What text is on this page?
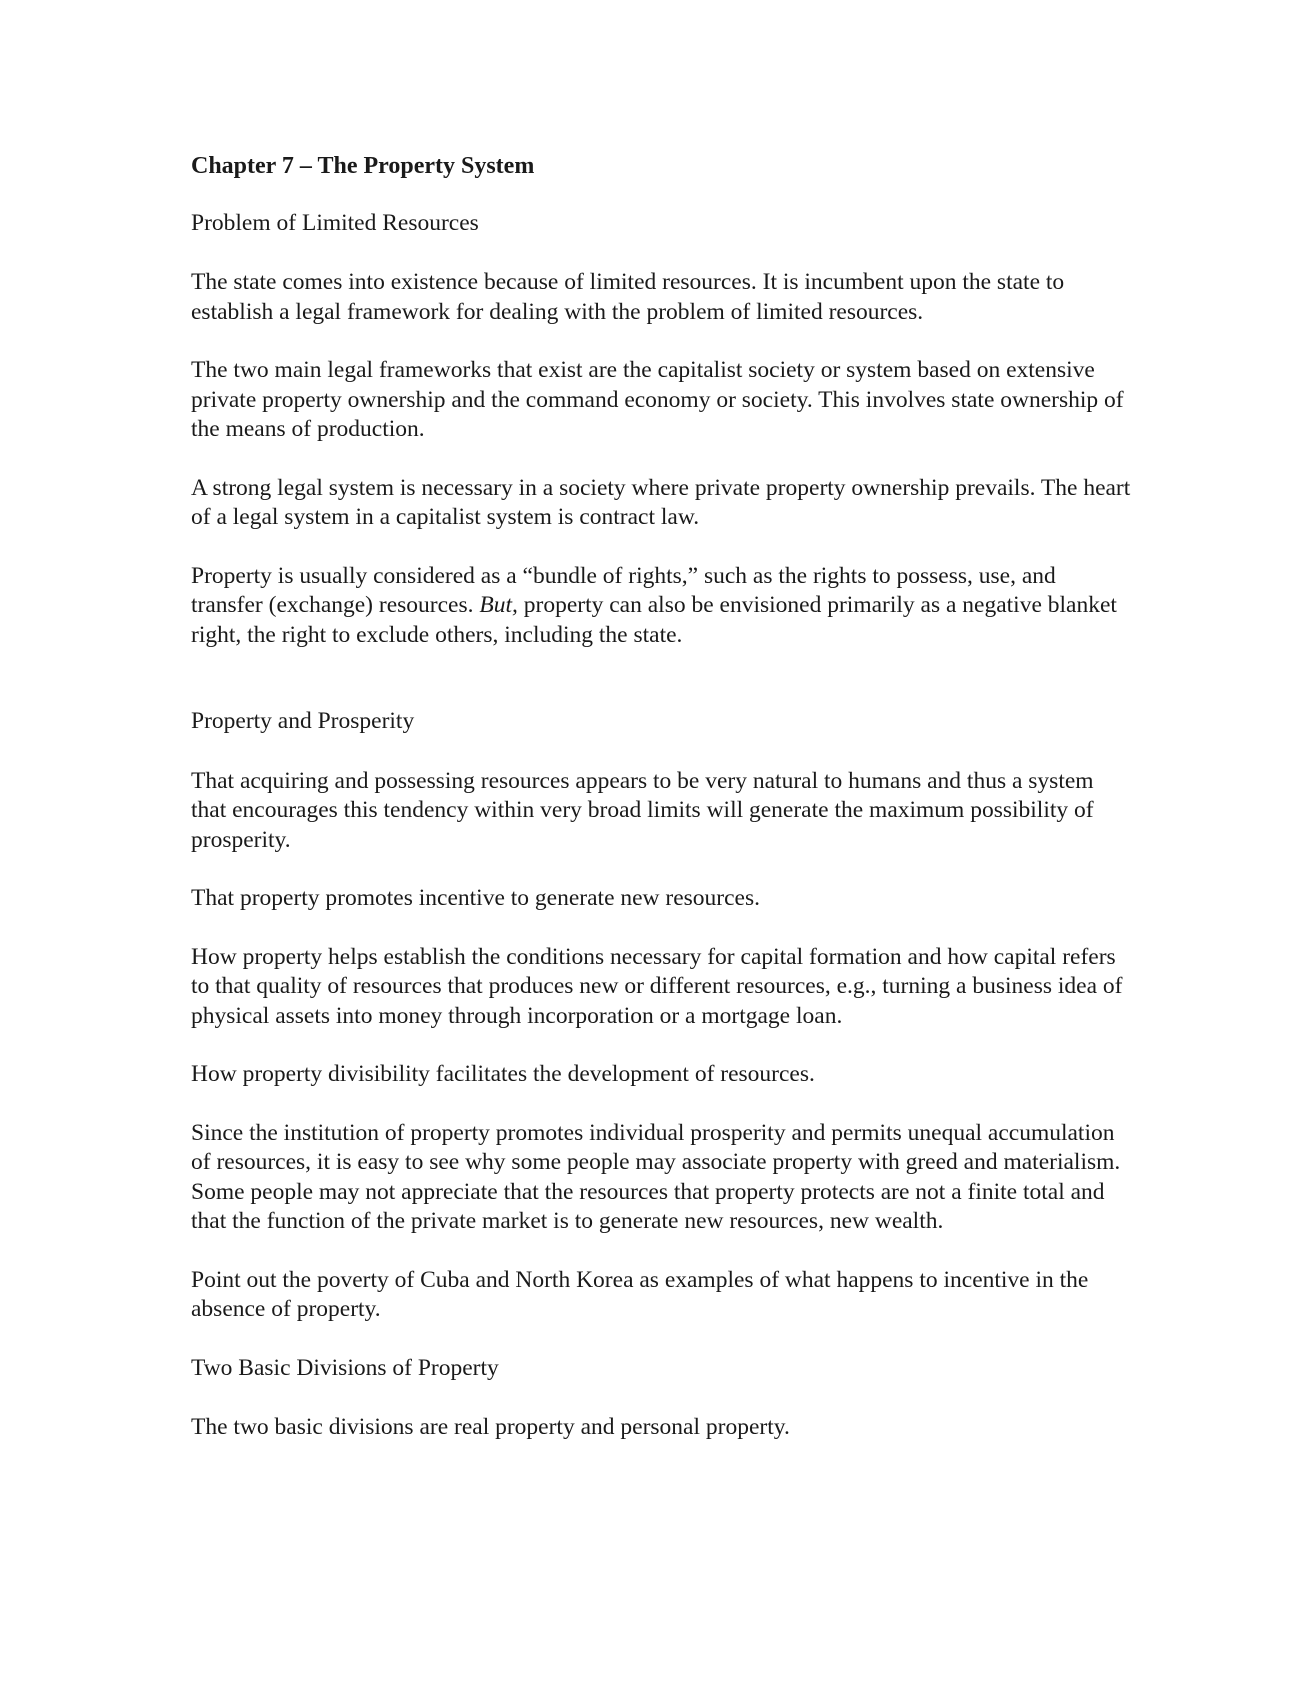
Chapter 7 – The Property System
Problem of Limited Resources

The state comes into existence because of limited resources. It is incumbent upon the state to establish a legal framework for dealing with the problem of limited resources.

The two main legal frameworks that exist are the capitalist society or system based on extensive private property ownership and the command economy or society. This involves state ownership of the means of production.

A strong legal system is necessary in a society where private property ownership prevails. The heart of a legal system in a capitalist system is contract law.

Property is usually considered as a “bundle of rights,” such as the rights to possess, use, and transfer (exchange) resources. But, property can also be envisioned primarily as a negative blanket right, the right to exclude others, including the state.

Property and Prosperity

That acquiring and possessing resources appears to be very natural to humans and thus a system that encourages this tendency within very broad limits will generate the maximum possibility of prosperity.

That property promotes incentive to generate new resources.

How property helps establish the conditions necessary for capital formation and how capital refers to that quality of resources that produces new or different resources, e.g., turning a business idea of physical assets into money through incorporation or a mortgage loan.

How property divisibility facilitates the development of resources.

Since the institution of property promotes individual prosperity and permits unequal accumulation of resources, it is easy to see why some people may associate property with greed and materialism. Some people may not appreciate that the resources that property protects are not a finite total and that the function of the private market is to generate new resources, new wealth.

Point out the poverty of Cuba and North Korea as examples of what happens to incentive in the absence of property.

Two Basic Divisions of Property

The two basic divisions are real property and personal property.
